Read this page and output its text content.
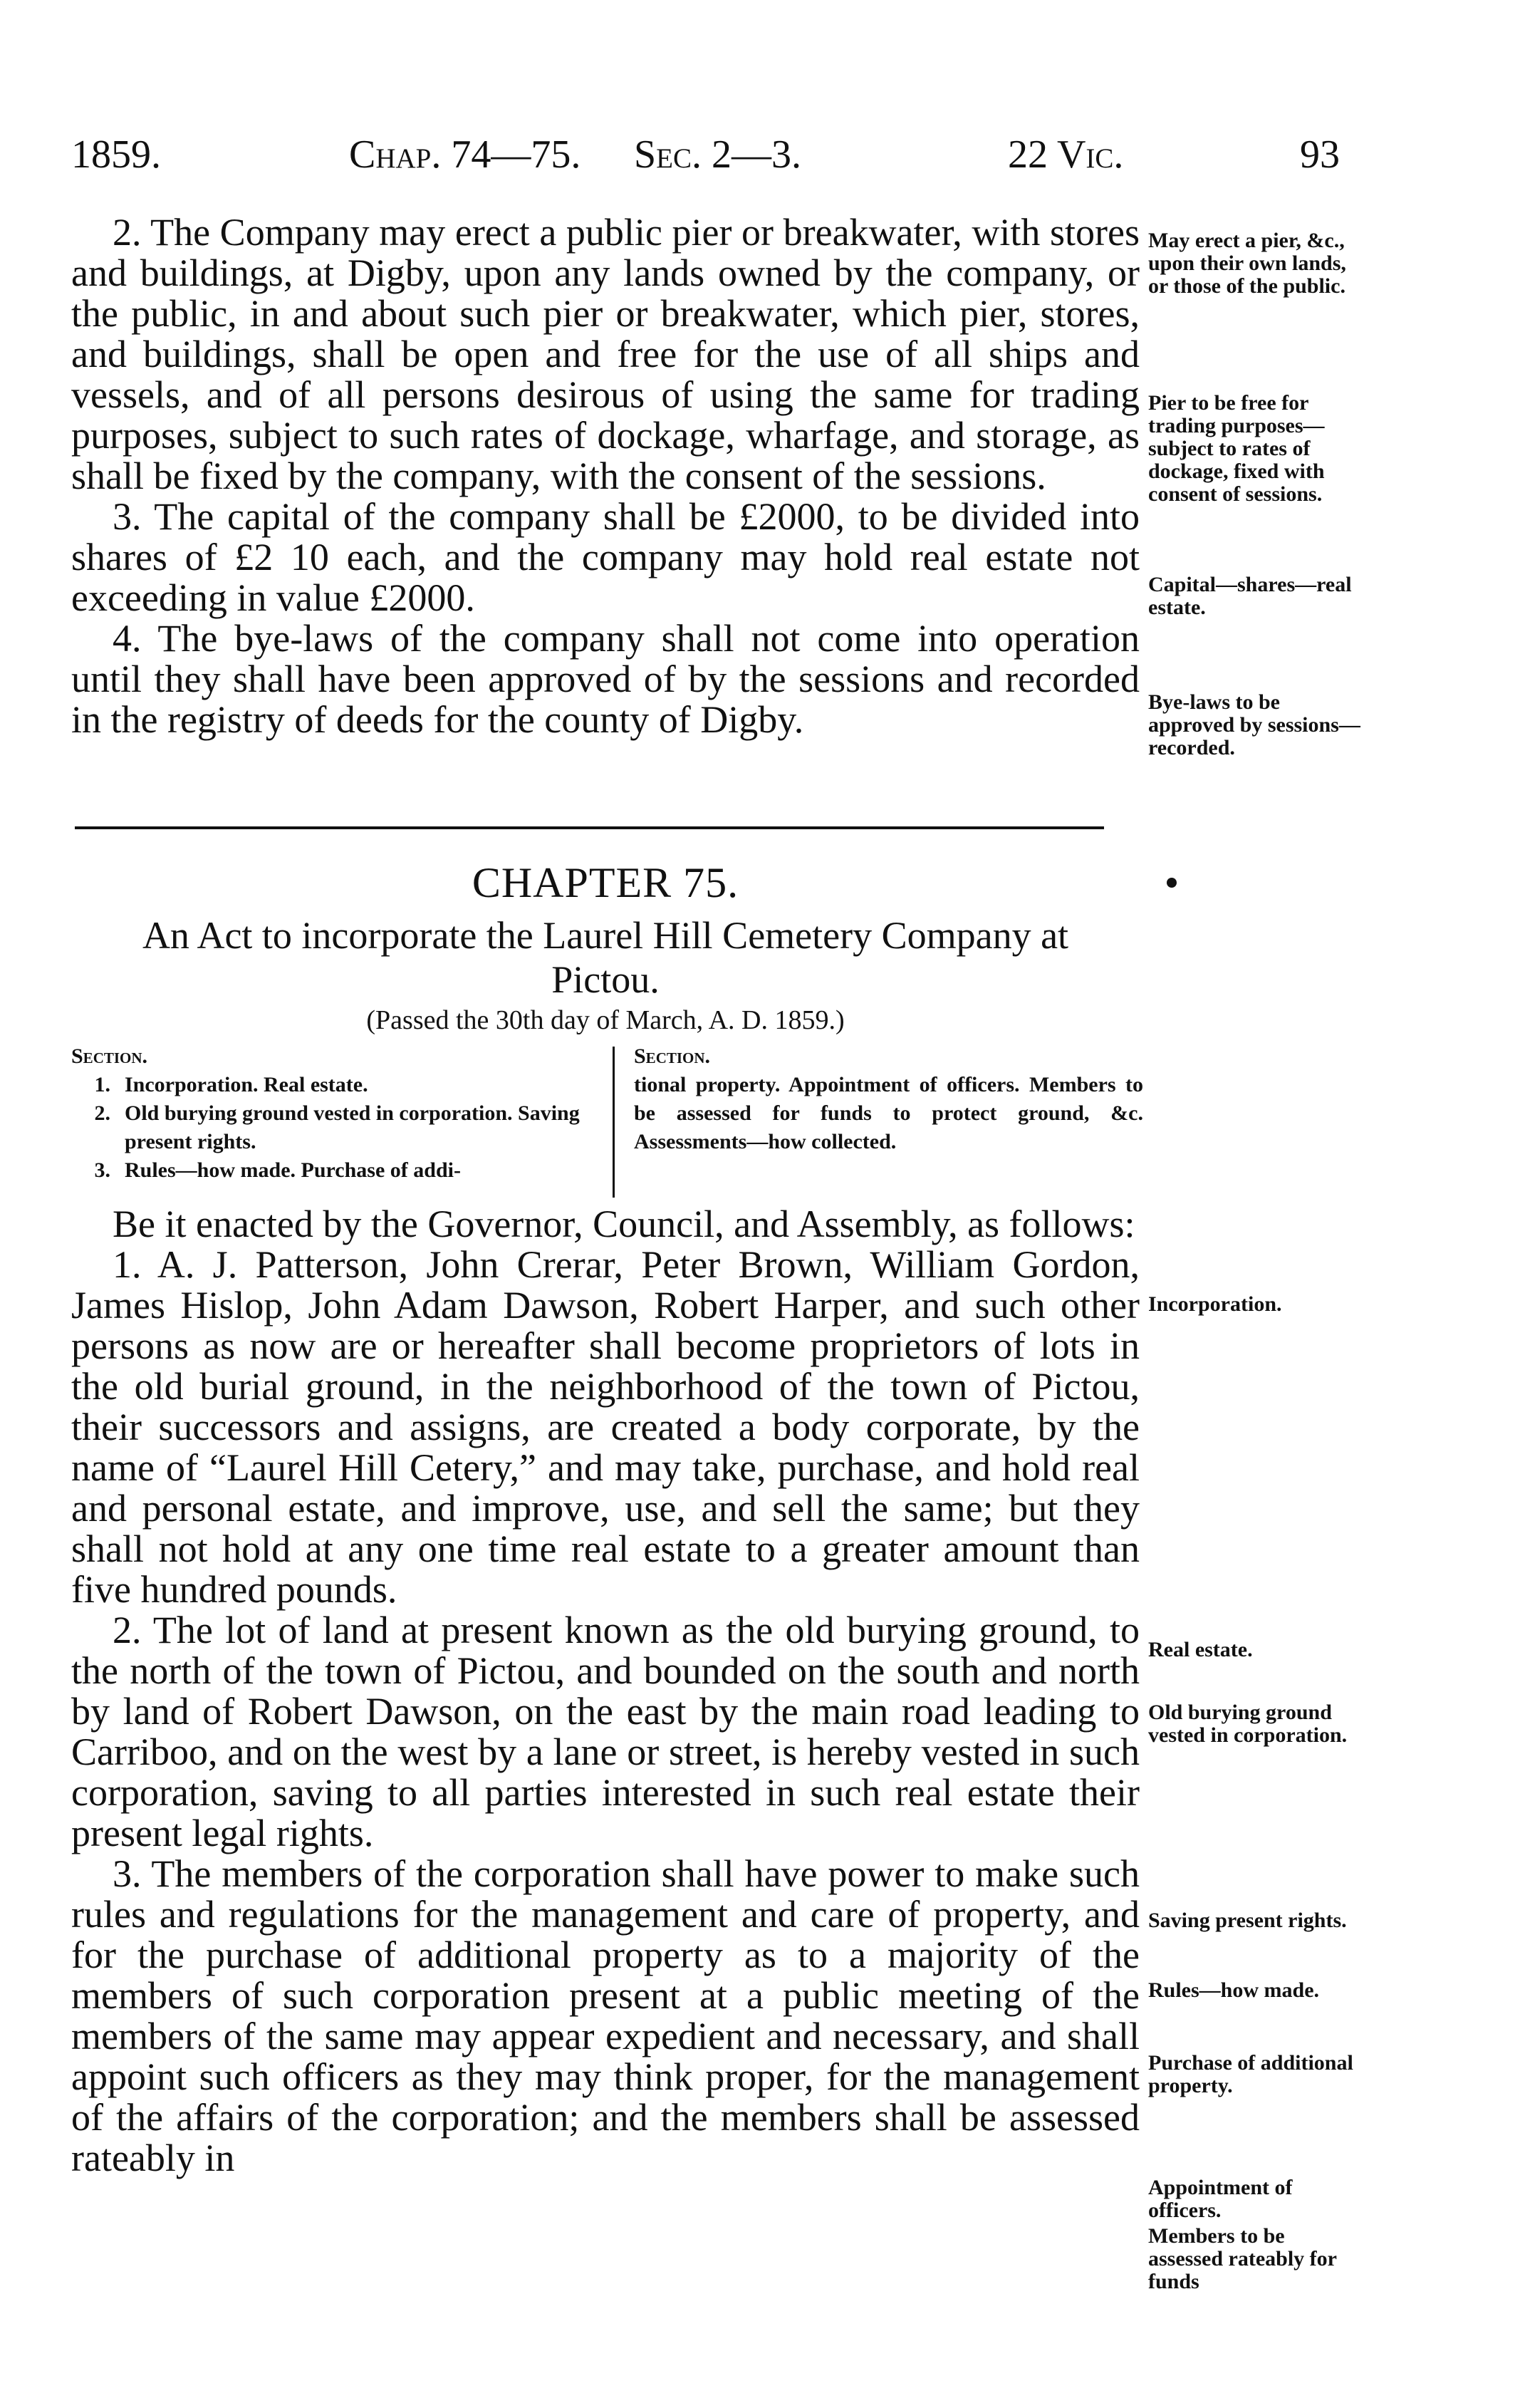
1859.	Chap. 74—75. Sec. 2—3.	22 Vic.	93

2. The Company may erect a public pier or breakwater, with stores and buildings, at Digby, upon any lands owned by the company, or the public, in and about such pier or breakwater, which pier, stores, and buildings, shall be open and free for the use of all ships and vessels, and of all persons desirous of using the same for trading purposes, subject to such rates of dockage, wharfage, and storage, as shall be fixed by the company, with the consent of the sessions.

3. The capital of the company shall be £2000, to be divided into shares of £2 10 each, and the company may hold real estate not exceeding in value £2000.

4. The bye-laws of the company shall not come into operation until they shall have been approved of by the sessions and recorded in the registry of deeds for the county of Digby.

May erect a pier, &c., upon their own lands, or those of the public.
Pier to be free for trading purposes—subject to rates of dockage, fixed with consent of sessions.
Capital—shares—real estate.
Bye-laws to be approved by sessions—recorded.
CHAPTER 75.
An Act to incorporate the Laurel Hill Cemetery Company at
Pictou.
(Passed the 30th day of March, A. D. 1859.)
Section.
1. Incorporation. Real estate.
2. Old burying ground vested in corporation. Saving present rights.
3. Rules—how made. Purchase of addi-
Section.
tional property. Appointment of officers. Members to be assessed for funds to protect ground, &c. Assessments—how collected.

Be it enacted by the Governor, Council, and Assembly, as follows:

1. A. J. Patterson, John Crerar, Peter Brown, William Gordon, James Hislop, John Adam Dawson, Robert Harper, and such other persons as now are or hereafter shall become proprietors of lots in the old burial ground, in the neighborhood of the town of Pictou, their successors and assigns, are created a body corporate, by the name of “Laurel Hill Cetery,” and may take, purchase, and hold real and personal estate, and improve, use, and sell the same; but they shall not hold at any one time real estate to a greater amount than five hundred pounds.

2. The lot of land at present known as the old burying ground, to the north of the town of Pictou, and bounded on the south and north by land of Robert Dawson, on the east by the main road leading to Carriboo, and on the west by a lane or street, is hereby vested in such corporation, saving to all parties interested in such real estate their present legal rights.

3. The members of the corporation shall have power to make such rules and regulations for the management and care of property, and for the purchase of additional property as to a majority of the members of such corporation present at a public meeting of the members of the same may appear expedient and necessary, and shall appoint such officers as they may think proper, for the management of the affairs of the corporation; and the members shall be assessed rateably in

Incorporation.
Real estate.
Old burying ground vested in corporation.
Saving present rights.
Rules—how made.
Purchase of additional property.
Appointment of officers.
Members to be assessed rateably for funds
